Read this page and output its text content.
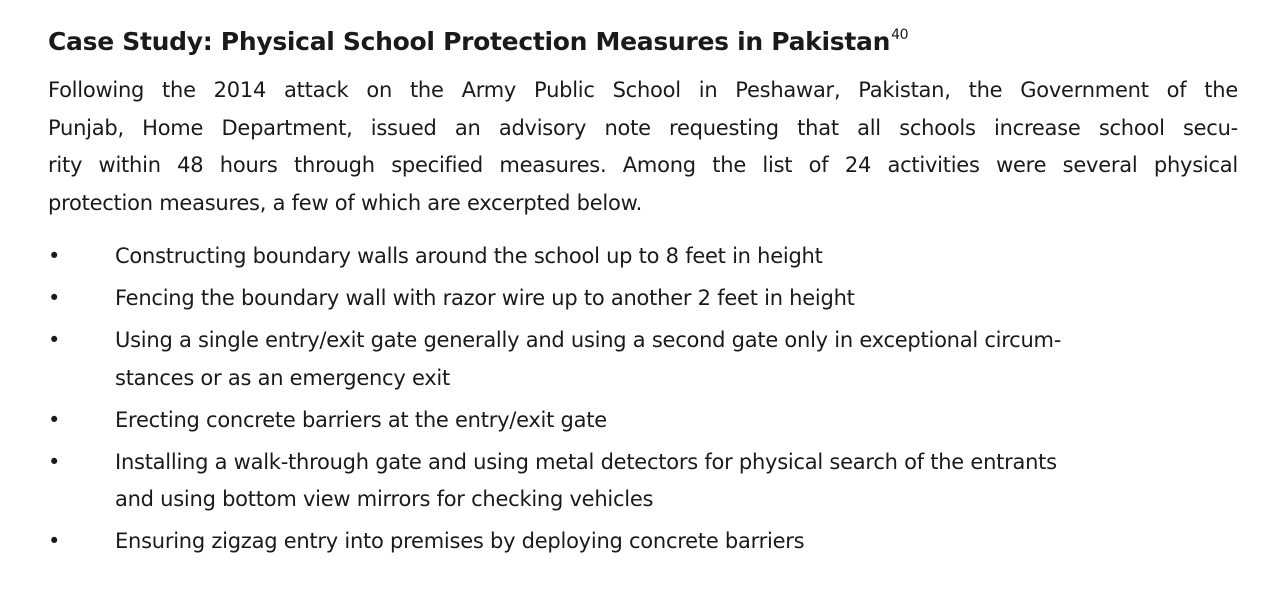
Case Study: Physical School Protection Measures in Pakistan$^{40}$

Following the 2014 attack on the Army Public School in Peshawar, Pakistan, the Government of the
Punjab, Home Department, issued an advisory note requesting that all schools increase school secu-
rity within 48 hours through specified measures. Among the list of 24 activities were several physical
protection measures, a few of which are excerpted below.

•	Constructing boundary walls around the school up to 8 feet in height
•	Fencing the boundary wall with razor wire up to another 2 feet in height
•	Using a single entry/exit gate generally and using a second gate only in exceptional circum-
stances or as an emergency exit
•	Erecting concrete barriers at the entry/exit gate
•	Installing a walk-through gate and using metal detectors for physical search of the entrants
and using bottom view mirrors for checking vehicles
•	Ensuring zigzag entry into premises by deploying concrete barriers
